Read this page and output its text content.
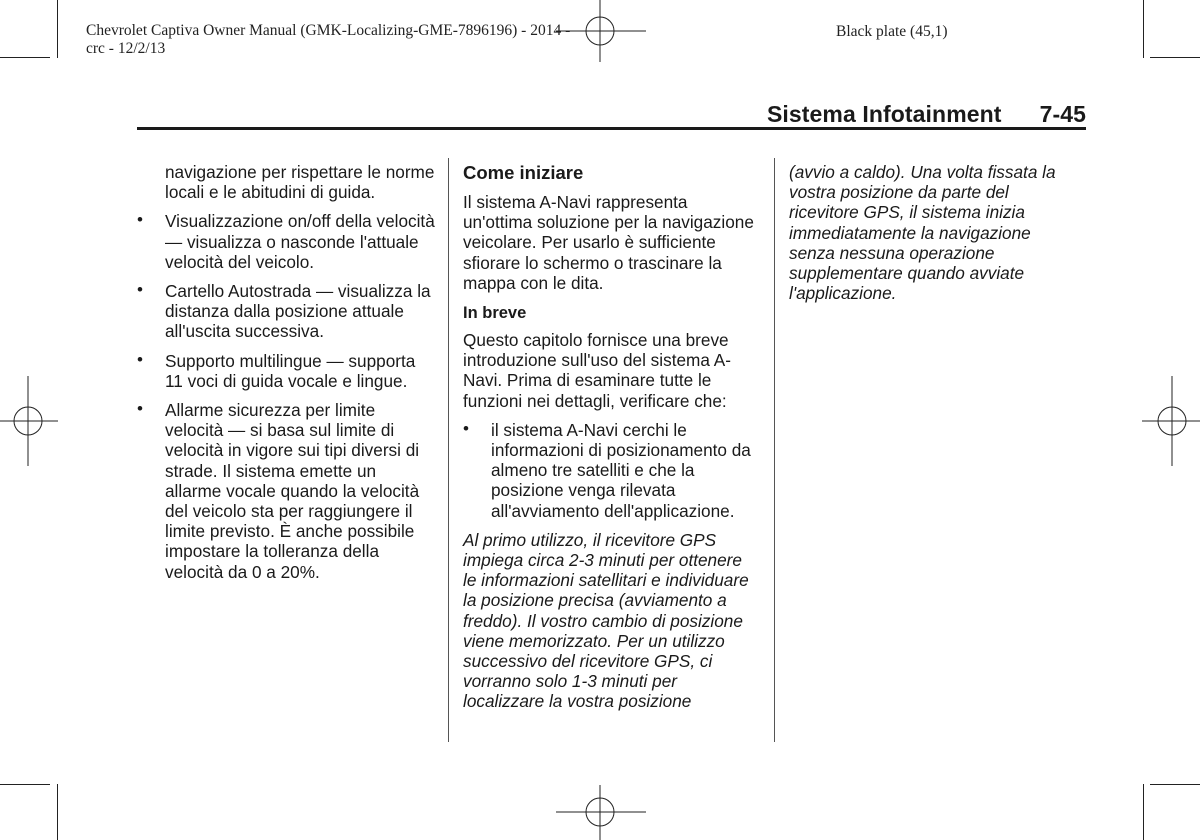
Chevrolet Captiva Owner Manual (GMK-Localizing-GME-7896196) - 2014 -
crc - 12/2/13
Black plate (45,1)
Sistema Infotainment 7-45

navigazione per rispettare le norme locali e le abitudini di guida.

• Visualizzazione on/off della velocità — visualizza o nasconde l'attuale velocità del veicolo.
• Cartello Autostrada — visualizza la distanza dalla posizione attuale all'uscita successiva.
• Supporto multilingue — supporta 11 voci di guida vocale e lingue.
• Allarme sicurezza per limite velocità — si basa sul limite di velocità in vigore sui tipi diversi di strade. Il sistema emette un allarme vocale quando la velocità del veicolo sta per raggiungere il limite previsto. È anche possibile impostare la tolleranza della velocità da 0 a 20%.
Come iniziare

Il sistema A-Navi rappresenta un'ottima soluzione per la navigazione veicolare. Per usarlo è sufficiente sfiorare lo schermo o trascinare la mappa con le dita.

In breve

Questo capitolo fornisce una breve introduzione sull'uso del sistema A-Navi. Prima di esaminare tutte le funzioni nei dettagli, verificare che:

• il sistema A-Navi cerchi le informazioni di posizionamento da almeno tre satelliti e che la posizione venga rilevata all'avviamento dell'applicazione.

Al primo utilizzo, il ricevitore GPS impiega circa 2-3 minuti per ottenere le informazioni satellitari e individuare la posizione precisa (avviamento a freddo). Il vostro cambio di posizione viene memorizzato. Per un utilizzo successivo del ricevitore GPS, ci vorranno solo 1-3 minuti per localizzare la vostra posizione

(avvio a caldo). Una volta fissata la vostra posizione da parte del ricevitore GPS, il sistema inizia immediatamente la navigazione senza nessuna operazione supplementare quando avviate l'applicazione.
